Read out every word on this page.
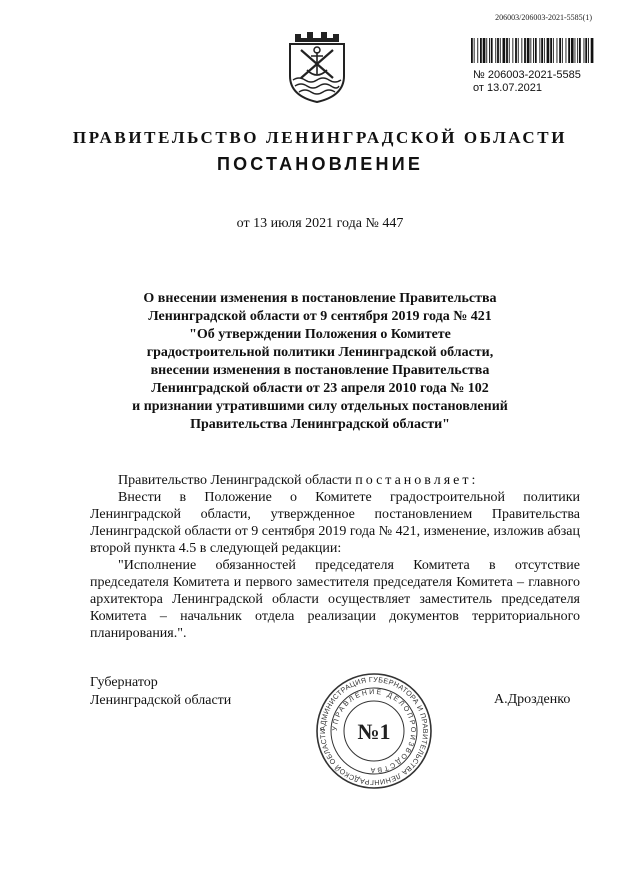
206003/206003-2021-5585(1)
№ 206003-2021-5585
от 13.07.2021
ПРАВИТЕЛЬСТВО ЛЕНИНГРАДСКОЙ ОБЛАСТИ
ПОСТАНОВЛЕНИЕ
от 13 июля 2021 года № 447
О внесении изменения в постановление Правительства
Ленинградской области от 9 сентября 2019 года № 421
"Об утверждении Положения о Комитете
градостроительной политики Ленинградской области,
внесении изменения в постановление Правительства
Ленинградской области от 23 апреля 2010 года № 102
и признании утратившими силу отдельных постановлений
Правительства Ленинградской области"

Правительство Ленинградской области постановляет:

Внести в Положение о Комитете градостроительной политики Ленинградской области, утвержденное постановлением Правительства Ленинградской области от 9 сентября 2019 года № 421, изменение, изложив абзац второй пункта 4.5 в следующей редакции:

"Исполнение обязанностей председателя Комитета в отсутствие председателя Комитета и первого заместителя председателя Комитета – главного архитектора Ленинградской области осуществляет заместитель председателя Комитета – начальник отдела реализации документов территориального планирования.".

Губернатор
Ленинградской области
АДМИНИСТРАЦИЯ ГУБЕРНАТОРА И ПРАВИТЕЛЬСТВА ЛЕНИНГРАДСКОЙ ОБЛАСТИ УПРАВЛЕНИЕ ДЕЛОПРОИЗВОДСТВА
№1
А.Дрозденко
